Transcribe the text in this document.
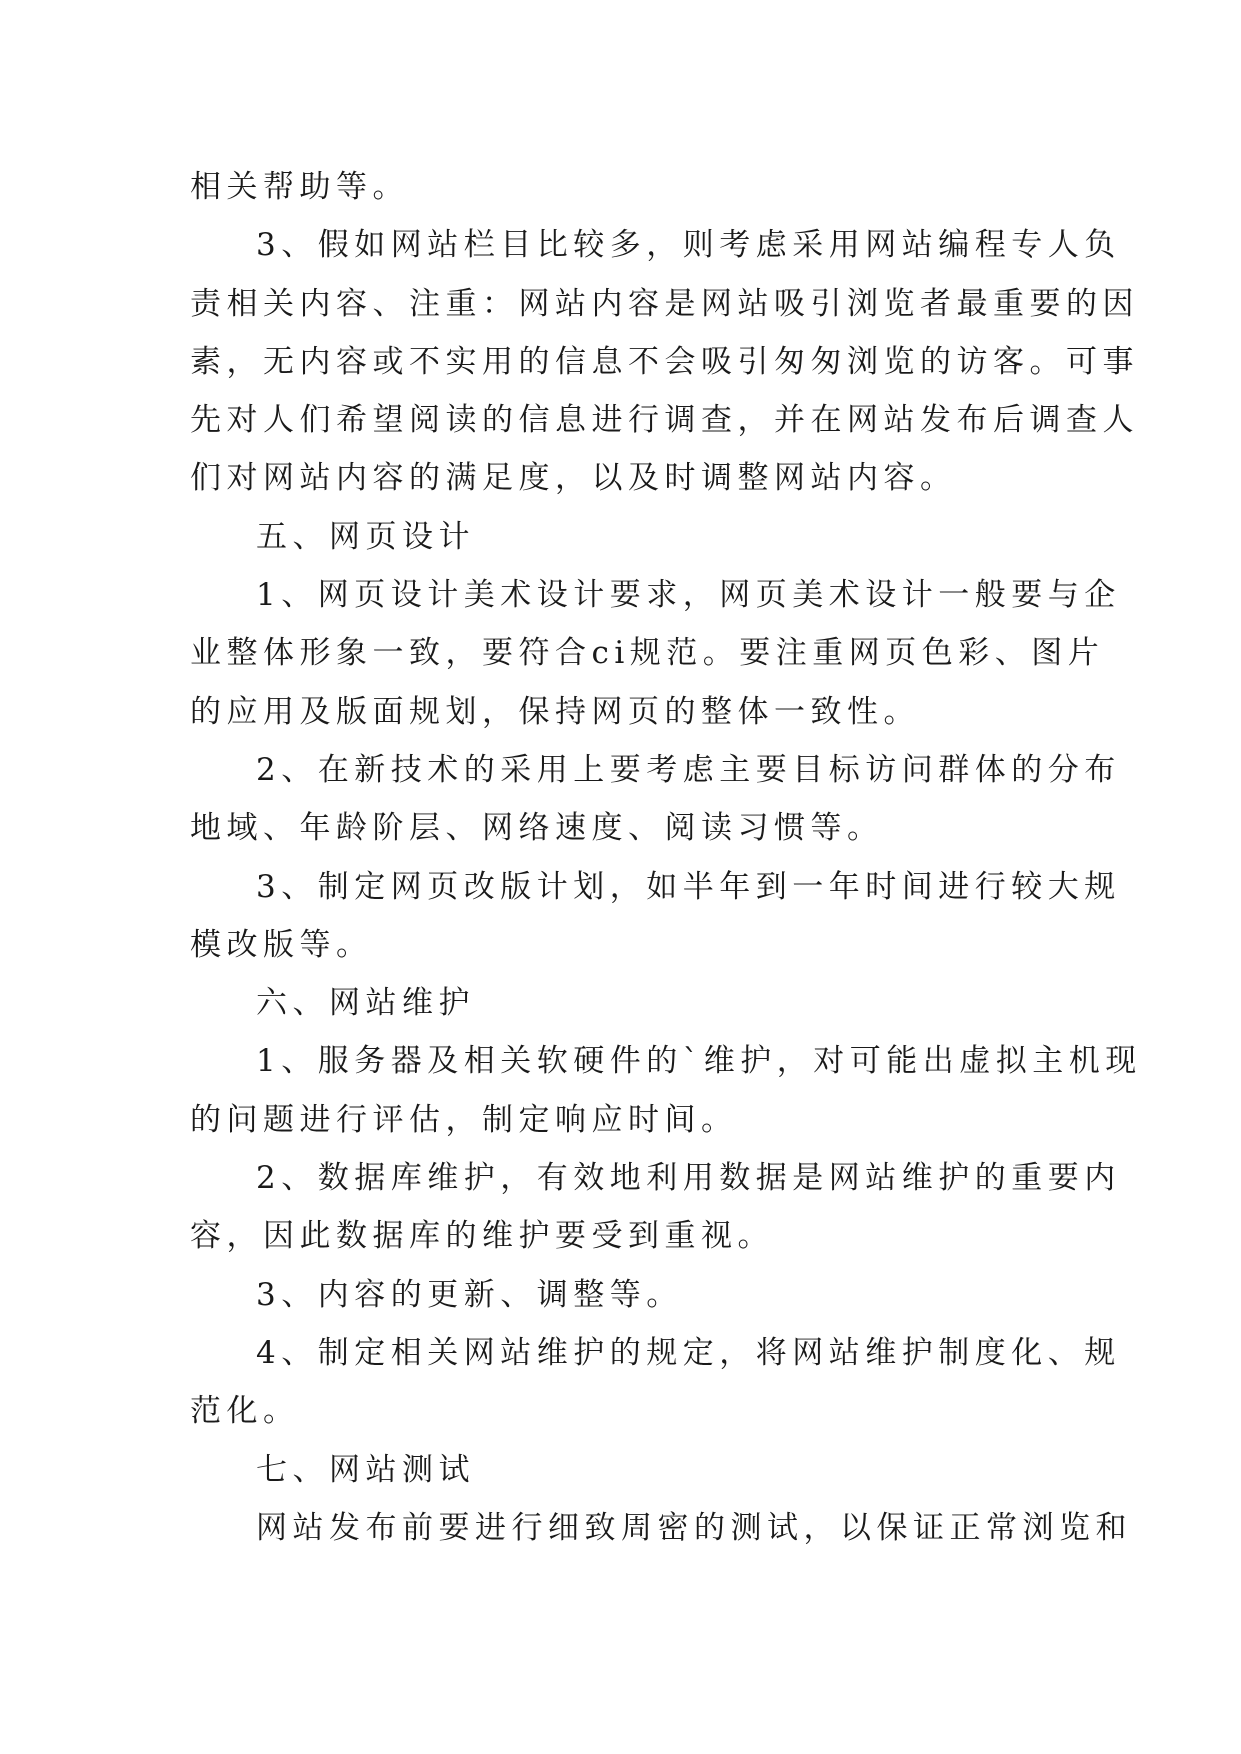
相关帮助等。
3、假如网站栏目比较多，则考虑采用网站编程专人负
责相关内容、注重：网站内容是网站吸引浏览者最重要的因
素，无内容或不实用的信息不会吸引匆匆浏览的访客。可事
先对人们希望阅读的信息进行调查，并在网站发布后调查人
们对网站内容的满足度，以及时调整网站内容。
五、网页设计
1、网页设计美术设计要求，网页美术设计一般要与企
业整体形象一致，要符合ci规范。要注重网页色彩、图片
的应用及版面规划，保持网页的整体一致性。
2、在新技术的采用上要考虑主要目标访问群体的分布
地域、年龄阶层、网络速度、阅读习惯等。
3、制定网页改版计划，如半年到一年时间进行较大规
模改版等。
六、网站维护
1、服务器及相关软硬件的`维护，对可能出虚拟主机现
的问题进行评估，制定响应时间。
2、数据库维护，有效地利用数据是网站维护的重要内
容，因此数据库的维护要受到重视。
3、内容的更新、调整等。
4、制定相关网站维护的规定，将网站维护制度化、规
范化。
七、网站测试
网站发布前要进行细致周密的测试，以保证正常浏览和
